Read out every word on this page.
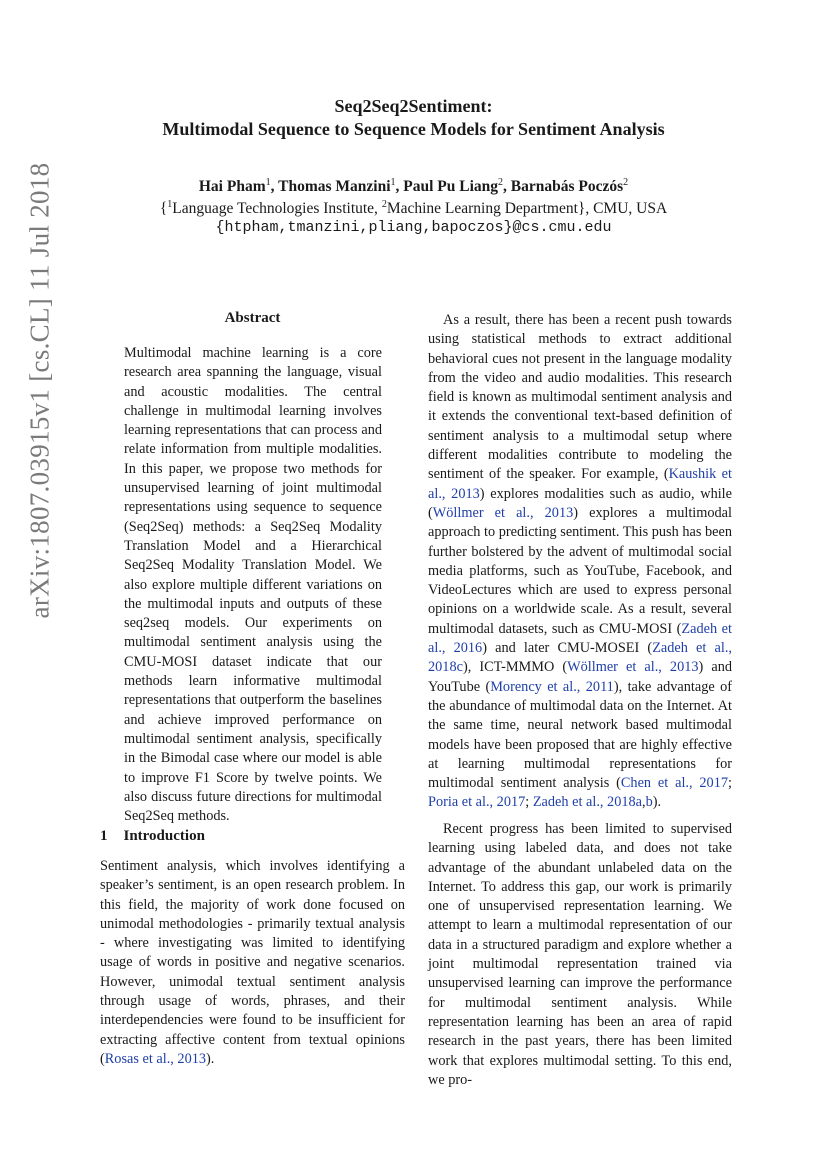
arXiv:1807.03915v1 [cs.CL] 11 Jul 2018
Seq2Seq2Sentiment:
Multimodal Sequence to Sequence Models for Sentiment Analysis
Hai Pham$^1$, Thomas Manzini$^1$, Paul Pu Liang$^2$, Barnabás Poczós$^2$
{$^1$Language Technologies Institute, $^2$Machine Learning Department}, CMU, USA
{htpham,tmanzini,pliang,bapoczos}@cs.cmu.edu
Abstract
Multimodal machine learning is a core research area spanning the language, visual and acoustic modalities. The central challenge in multimodal learning involves learning representations that can process and relate information from multiple modalities. In this paper, we propose two methods for unsupervised learning of joint multimodal representations using sequence to sequence (Seq2Seq) methods: a Seq2Seq Modality Translation Model and a Hierarchical Seq2Seq Modality Translation Model. We also explore multiple different variations on the multimodal inputs and outputs of these seq2seq models. Our experiments on multimodal sentiment analysis using the CMU-MOSI dataset indicate that our methods learn informative multimodal representations that outperform the baselines and achieve improved performance on multimodal sentiment analysis, specifically in the Bimodal case where our model is able to improve F1 Score by twelve points. We also discuss future directions for multimodal Seq2Seq methods.
1 Introduction
Sentiment analysis, which involves identifying a speaker’s sentiment, is an open research problem. In this field, the majority of work done focused on unimodal methodologies - primarily textual analysis - where investigating was limited to identifying usage of words in positive and negative scenarios. However, unimodal textual sentiment analysis through usage of words, phrases, and their interdependencies were found to be insufficient for extracting affective content from textual opinions (Rosas et al., 2013).
As a result, there has been a recent push towards using statistical methods to extract additional behavioral cues not present in the language modality from the video and audio modalities. This research field is known as multimodal sentiment analysis and it extends the conventional text-based definition of sentiment analysis to a multimodal setup where different modalities contribute to modeling the sentiment of the speaker. For example, (Kaushik et al., 2013) explores modalities such as audio, while (Wöllmer et al., 2013) explores a multimodal approach to predicting sentiment. This push has been further bolstered by the advent of multimodal social media platforms, such as YouTube, Facebook, and VideoLectures which are used to express personal opinions on a worldwide scale. As a result, several multimodal datasets, such as CMU-MOSI (Zadeh et al., 2016) and later CMU-MOSEI (Zadeh et al., 2018c), ICT-MMMO (Wöllmer et al., 2013) and YouTube (Morency et al., 2011), take advantage of the abundance of multimodal data on the Internet. At the same time, neural network based multimodal models have been proposed that are highly effective at learning multimodal representations for multimodal sentiment analysis (Chen et al., 2017; Poria et al., 2017; Zadeh et al., 2018a,b).
Recent progress has been limited to supervised learning using labeled data, and does not take advantage of the abundant unlabeled data on the Internet. To address this gap, our work is primarily one of unsupervised representation learning. We attempt to learn a multimodal representation of our data in a structured paradigm and explore whether a joint multimodal representation trained via unsupervised learning can improve the performance for multimodal sentiment analysis. While representation learning has been an area of rapid research in the past years, there has been limited work that explores multimodal setting. To this end, we pro-
